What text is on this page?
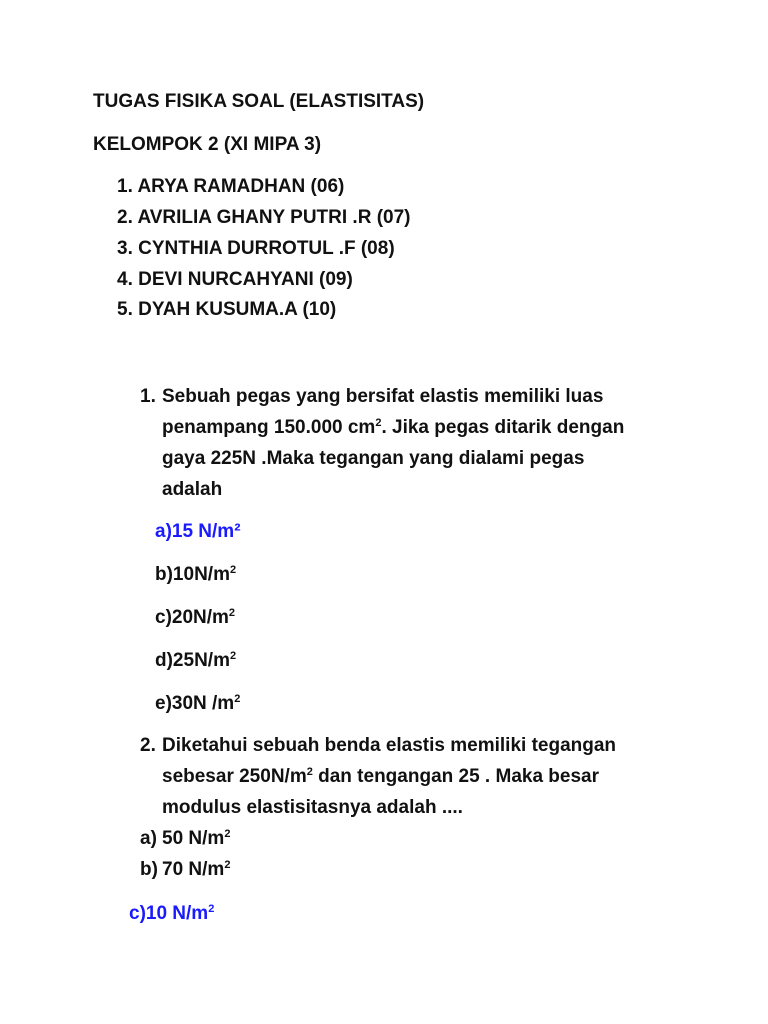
TUGAS FISIKA SOAL (ELASTISITAS)
KELOMPOK 2 (XI MIPA 3)
1. ARYA RAMADHAN (06)
2. AVRILIA GHANY PUTRI .R (07)
3. CYNTHIA DURROTUL .F (08)
4. DEVI NURCAHYANI (09)
5. DYAH KUSUMA.A (10)
1. Sebuah pegas yang bersifat elastis memiliki luas
penampang 150.000 $cm^2$. Jika pegas ditarik dengan
gaya 225N .Maka tegangan yang dialami pegas
adalah
a)15 N/m²
$b)10N/m^2$
$c)20N/m^2$
$d)25N/m^2$
e)30N $/m^2$
2. Diketahui sebuah benda elastis memiliki tegangan
sebesar $250N/m^2$ dan tengangan 25 . Maka besar
modulus elastisitasnya adalah ....
a) 50 $N/m^2$
b) 70 $N/m^2$
c)10 $N/m^2$
